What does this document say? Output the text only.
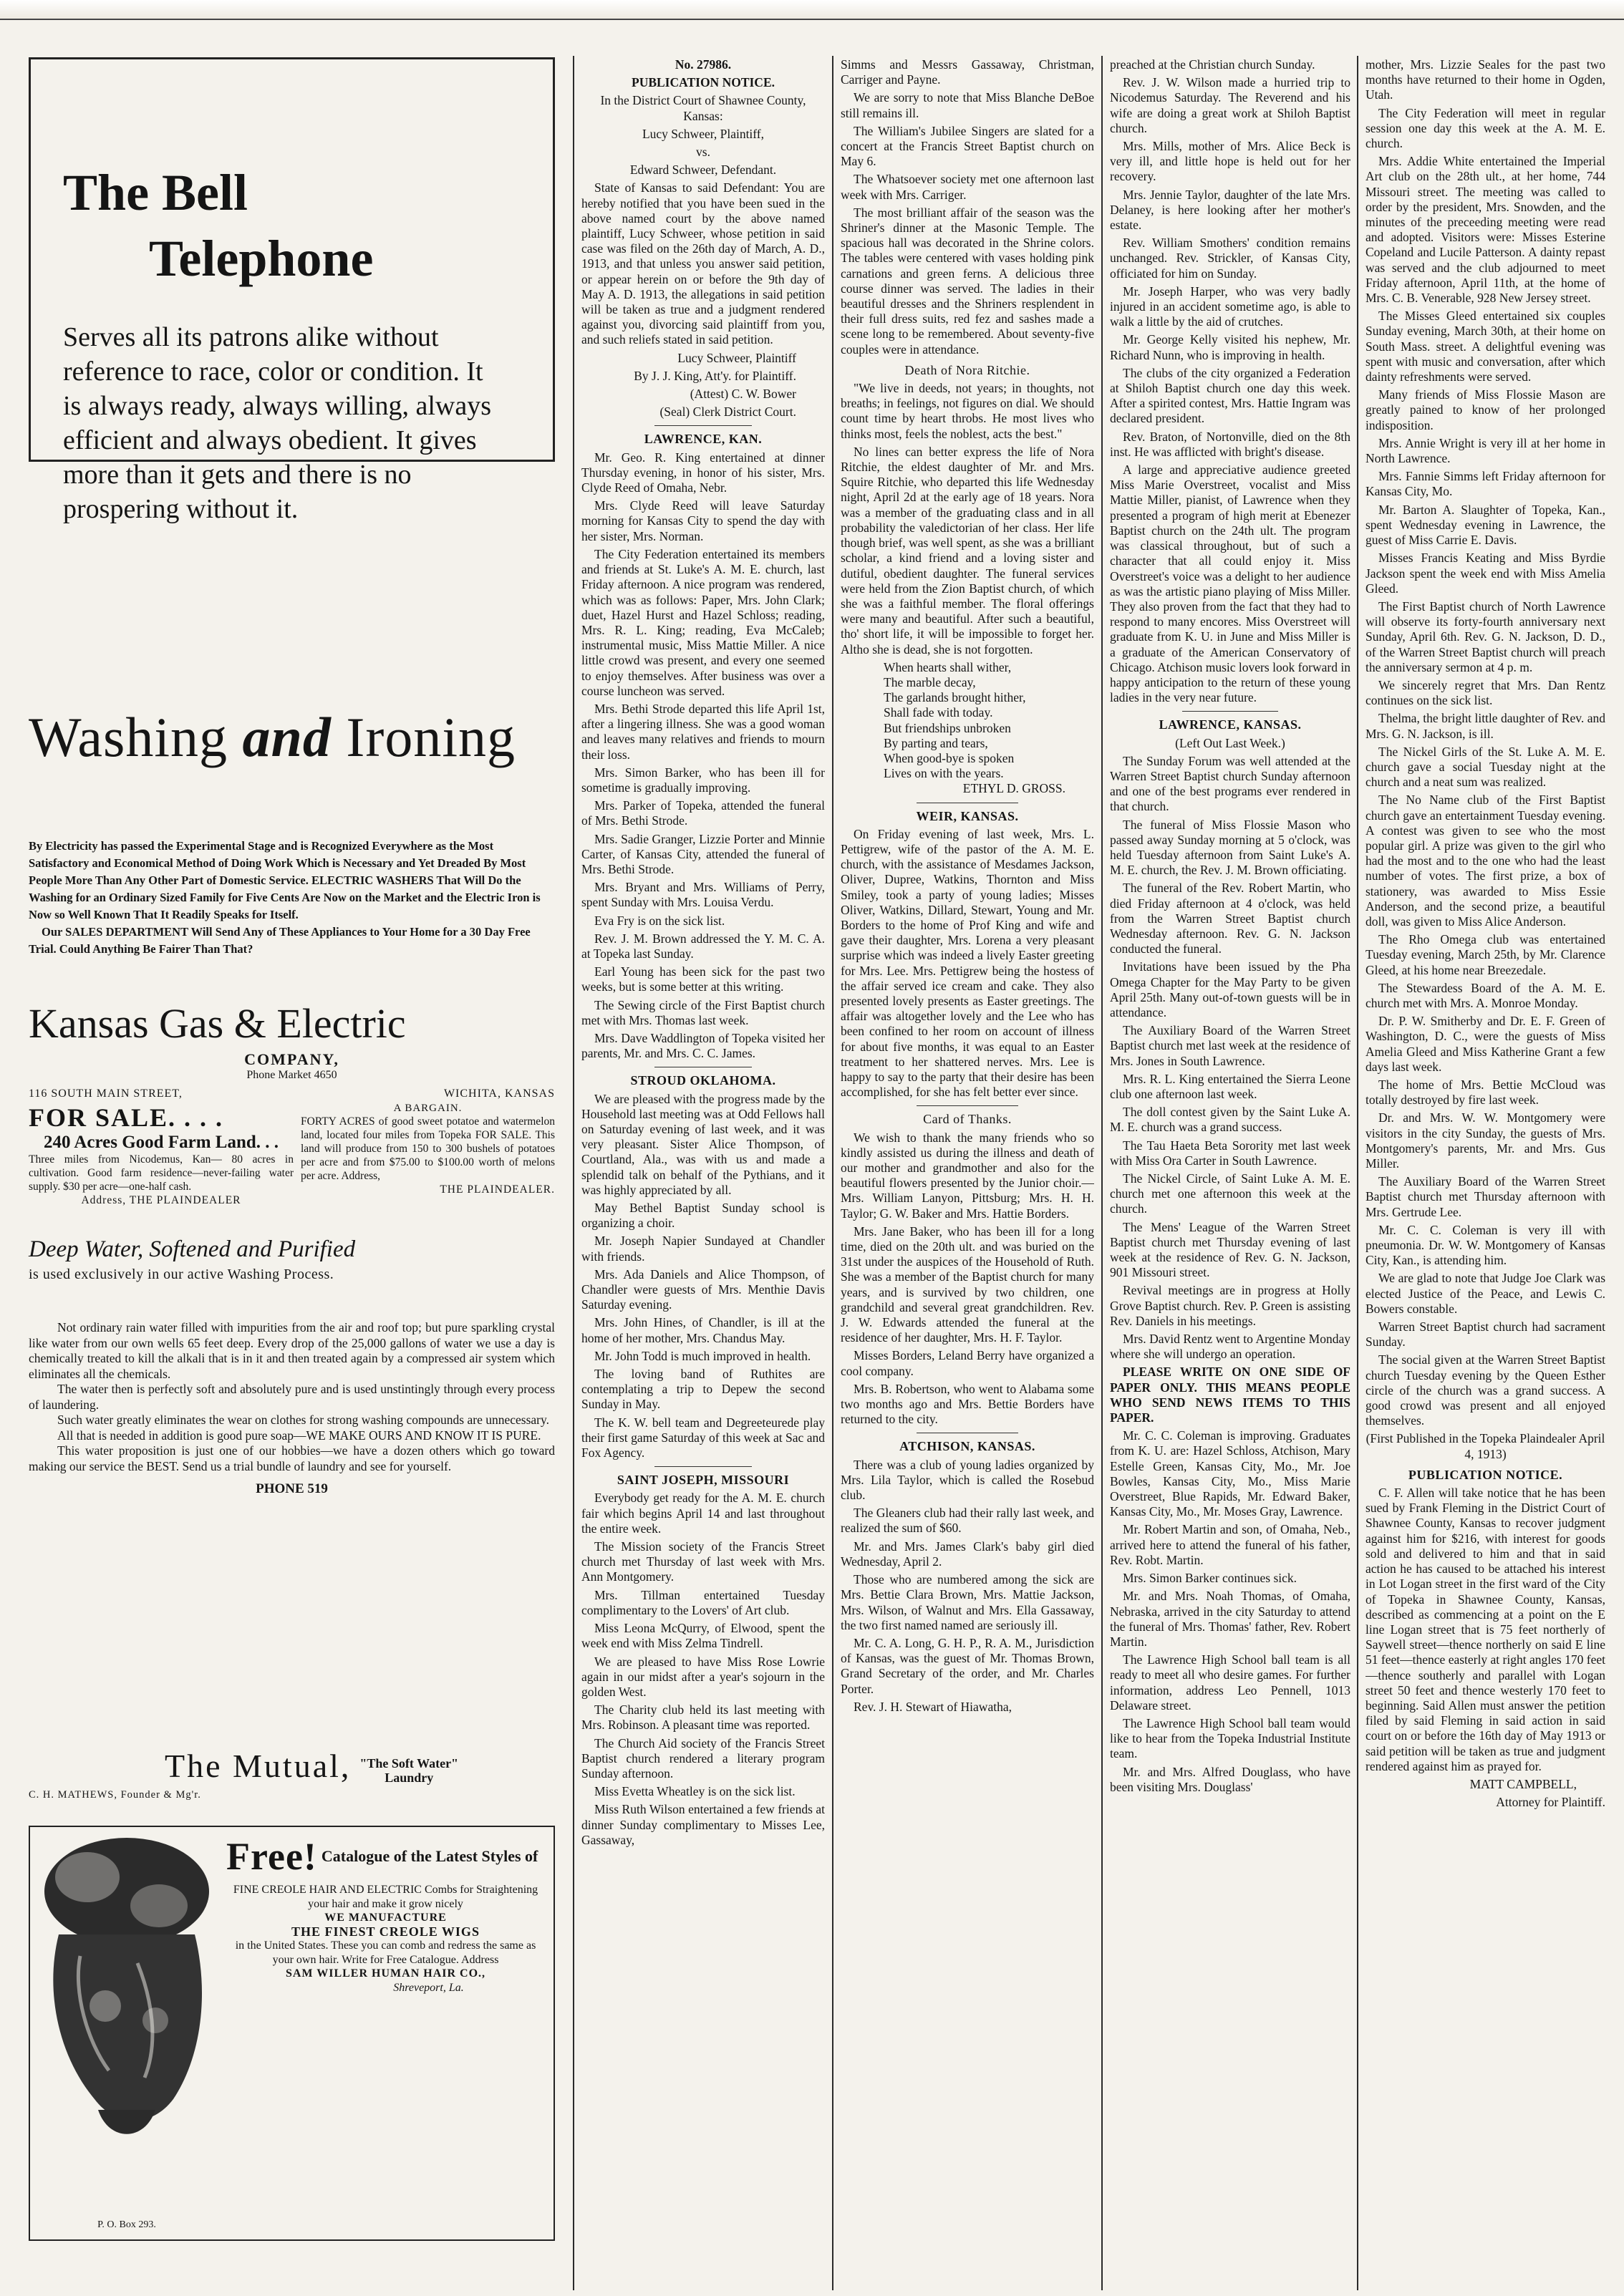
The Bell
Telephone
Serves all its patrons alike without reference to race, color or condition. It is always ready, always willing, always efficient and always obedient. It gives more than it gets and there is no prospering without it.
Washing and Ironing
By Electricity has passed the Experimental Stage and is Recognized Everywhere as the Most Satisfactory and Economical Method of Doing Work Which is Necessary and Yet Dreaded By Most People More Than Any Other Part of Domestic Service. ELECTRIC WASHERS That Will Do the Washing for an Ordinary Sized Family for Five Cents Are Now on the Market and the Electric Iron is Now so Well Known That It Readily Speaks for Itself.
Our SALES DEPARTMENT Will Send Any of These Appliances to Your Home for a 30 Day Free Trial. Could Anything Be Fairer Than That?
Kansas Gas & Electric
COMPANY,
Phone Market 4650
116 SOUTH MAIN STREET,	WICHITA, KANSAS
FOR SALE. . . .
240 Acres Good Farm Land. . .
Three miles from Nicodemus, Kan— 80 acres in cultivation. Good farm residence—never-failing water supply. $30 per acre—one-half cash.
Address, THE PLAINDEALER
A BARGAIN.
FORTY ACRES of good sweet potatoe and watermelon land, located four miles from Topeka FOR SALE. This land will produce from 150 to 300 bushels of potatoes per acre and from $75.00 to $100.00 worth of melons per acre. Address,
THE PLAINDEALER.
Deep Water, Softened and Purified
is used exclusively in our active Washing Process.

Not ordinary rain water filled with impurities from the air and roof top; but pure sparkling crystal like water from our own wells 65 feet deep. Every drop of the 25,000 gallons of water we use a day is chemically treated to kill the alkali that is in it and then treated again by a compressed air system which eliminates all the chemicals.

The water then is perfectly soft and absolutely pure and is used unstintingly through every process of laundering.

Such water greatly eliminates the wear on clothes for strong washing compounds are unnecessary.

All that is needed in addition is good pure soap—WE MAKE OURS AND KNOW IT IS PURE.

This water proposition is just one of our hobbies—we have a dozen others which go toward making our service the BEST. Send us a trial bundle of laundry and see for yourself.

PHONE 519
The Mutual, "The Soft Water"
Laundry
C. H. MATHEWS, Founder & Mg'r.
P. O. Box 293.
Free! Catalogue of the Latest Styles of
FINE CREOLE HAIR AND ELECTRIC Combs for Straightening your hair and make it grow nicely
WE MANUFACTURE
THE FINEST CREOLE WIGS
in the United States. These you can comb and redress the same as your own hair. Write for Free Catalogue. Address
SAM WILLER HUMAN HAIR CO.,
Shreveport, La.

No. 27986.

PUBLICATION NOTICE.

In the District Court of Shawnee County, Kansas:

Lucy Schweer, Plaintiff,

vs.

Edward Schweer, Defendant.

State of Kansas to said Defendant: You are hereby notified that you have been sued in the above named court by the above named plaintiff, Lucy Schweer, whose petition in said case was filed on the 26th day of March, A. D., 1913, and that unless you answer said petition, or appear herein on or before the 9th day of May A. D. 1913, the allegations in said petition will be taken as true and a judgment rendered against you, divorcing said plaintiff from you, and such reliefs stated in said petition.

Lucy Schweer, Plaintiff

By J. J. King, Att'y. for Plaintiff.

(Attest) C. W. Bower

(Seal) Clerk District Court.

LAWRENCE, KAN.

Mr. Geo. R. King entertained at dinner Thursday evening, in honor of his sister, Mrs. Clyde Reed of Omaha, Nebr.

Mrs. Clyde Reed will leave Saturday morning for Kansas City to spend the day with her sister, Mrs. Norman.

The City Federation entertained its members and friends at St. Luke's A. M. E. church, last Friday afternoon. A nice program was rendered, which was as follows: Paper, Mrs. John Clark; duet, Hazel Hurst and Hazel Schloss; reading, Mrs. R. L. King; reading, Eva McCaleb; instrumental music, Miss Mattie Miller. A nice little crowd was present, and every one seemed to enjoy themselves. After business was over a course luncheon was served.

Mrs. Bethi Strode departed this life April 1st, after a lingering illness. She was a good woman and leaves many relatives and friends to mourn their loss.

Mrs. Simon Barker, who has been ill for sometime is gradually improving.

Mrs. Parker of Topeka, attended the funeral of Mrs. Bethi Strode.

Mrs. Sadie Granger, Lizzie Porter and Minnie Carter, of Kansas City, attended the funeral of Mrs. Bethi Strode.

Mrs. Bryant and Mrs. Williams of Perry, spent Sunday with Mrs. Louisa Verdu.

Eva Fry is on the sick list.

Rev. J. M. Brown addressed the Y. M. C. A. at Topeka last Sunday.

Earl Young has been sick for the past two weeks, but is some better at this writing.

The Sewing circle of the First Baptist church met with Mrs. Thomas last week.

Mrs. Dave Waddlington of Topeka visited her parents, Mr. and Mrs. C. C. James.

STROUD OKLAHOMA.

We are pleased with the progress made by the Household last meeting was at Odd Fellows hall on Saturday evening of last week, and it was very pleasant. Sister Alice Thompson, of Courtland, Ala., was with us and made a splendid talk on behalf of the Pythians, and it was highly appreciated by all.

May Bethel Baptist Sunday school is organizing a choir.

Mr. Joseph Napier Sundayed at Chandler with friends.

Mrs. Ada Daniels and Alice Thompson, of Chandler were guests of Mrs. Menthie Davis Saturday evening.

Mrs. John Hines, of Chandler, is ill at the home of her mother, Mrs. Chandus May.

Mr. John Todd is much improved in health.

The loving band of Ruthites are contemplating a trip to Depew the second Sunday in May.

The K. W. bell team and Degreeteurede play their first game Saturday of this week at Sac and Fox Agency.

SAINT JOSEPH, MISSOURI

Everybody get ready for the A. M. E. church fair which begins April 14 and last throughout the entire week.

The Mission society of the Francis Street church met Thursday of last week with Mrs. Ann Montgomery.

Mrs. Tillman entertained Tuesday complimentary to the Lovers' of Art club.

Miss Leona McQurry, of Elwood, spent the week end with Miss Zelma Tindrell.

We are pleased to have Miss Rose Lowrie again in our midst after a year's sojourn in the golden West.

The Charity club held its last meeting with Mrs. Robinson. A pleasant time was reported.

The Church Aid society of the Francis Street Baptist church rendered a literary program Sunday afternoon.

Miss Evetta Wheatley is on the sick list.

Miss Ruth Wilson entertained a few friends at dinner Sunday complimentary to Misses Lee, Gassaway,

Simms and Messrs Gassaway, Christman, Carriger and Payne.

We are sorry to note that Miss Blanche DeBoe still remains ill.

The William's Jubilee Singers are slated for a concert at the Francis Street Baptist church on May 6.

The Whatsoever society met one afternoon last week with Mrs. Carriger.

The most brilliant affair of the season was the Shriner's dinner at the Masonic Temple. The spacious hall was decorated in the Shrine colors. The tables were centered with vases holding pink carnations and green ferns. A delicious three course dinner was served. The ladies in their beautiful dresses and the Shriners resplendent in their full dress suits, red fez and sashes made a scene long to be remembered. About seventy-five couples were in attendance.

Death of Nora Ritchie.

"We live in deeds, not years; in thoughts, not breaths; in feelings, not figures on dial. We should count time by heart throbs. He most lives who thinks most, feels the noblest, acts the best."

No lines can better express the life of Nora Ritchie, the eldest daughter of Mr. and Mrs. Squire Ritchie, who departed this life Wednesday night, April 2d at the early age of 18 years. Nora was a member of the graduating class and in all probability the valedictorian of her class. Her life though brief, was well spent, as she was a brilliant scholar, a kind friend and a loving sister and dutiful, obedient daughter. The funeral services were held from the Zion Baptist church, of which she was a faithful member. The floral offerings were many and beautiful. After such a beautiful, tho' short life, it will be impossible to forget her. Altho she is dead, she is not forgotten.

When hearts shall wither,

The marble decay,

The garlands brought hither,

Shall fade with today.

But friendships unbroken

By parting and tears,

When good-bye is spoken

Lives on with the years.

ETHYL D. GROSS.

WEIR, KANSAS.

On Friday evening of last week, Mrs. L. Pettigrew, wife of the pastor of the A. M. E. church, with the assistance of Mesdames Jackson, Oliver, Dupree, Watkins, Thornton and Miss Smiley, took a party of young ladies; Misses Oliver, Watkins, Dillard, Stewart, Young and Mr. Borders to the home of Prof King and wife and gave their daughter, Mrs. Lorena a very pleasant surprise which was indeed a lively Easter greeting for Mrs. Lee. Mrs. Pettigrew being the hostess of the affair served ice cream and cake. They also presented lovely presents as Easter greetings. The affair was altogether lovely and the Lee who has been confined to her room on account of illness for about five months, it was equal to an Easter treatment to her shattered nerves. Mrs. Lee is happy to say to the party that their desire has been accomplished, for she has felt better ever since.

Card of Thanks.

We wish to thank the many friends who so kindly assisted us during the illness and death of our mother and grandmother and also for the beautiful flowers presented by the Junior choir.—Mrs. William Lanyon, Pittsburg; Mrs. H. H. Taylor; G. W. Baker and Mrs. Hattie Borders.

Mrs. Jane Baker, who has been ill for a long time, died on the 20th ult. and was buried on the 31st under the auspices of the Household of Ruth. She was a member of the Baptist church for many years, and is survived by two children, one grandchild and several great grandchildren. Rev. J. W. Edwards attended the funeral at the residence of her daughter, Mrs. H. F. Taylor.

Misses Borders, Leland Berry have organized a cool company.

Mrs. B. Robertson, who went to Alabama some two months ago and Mrs. Bettie Borders have returned to the city.

ATCHISON, KANSAS.

There was a club of young ladies organized by Mrs. Lila Taylor, which is called the Rosebud club.

The Gleaners club had their rally last week, and realized the sum of $60.

Mr. and Mrs. James Clark's baby girl died Wednesday, April 2.

Those who are numbered among the sick are Mrs. Bettie Clara Brown, Mrs. Mattie Jackson, Mrs. Wilson, of Walnut and Mrs. Ella Gassaway, the two first named named are seriously ill.

Mr. C. A. Long, G. H. P., R. A. M., Jurisdiction of Kansas, was the guest of Mr. Thomas Brown, Grand Secretary of the order, and Mr. Charles Porter.

Rev. J. H. Stewart of Hiawatha,

preached at the Christian church Sunday.

Rev. J. W. Wilson made a hurried trip to Nicodemus Saturday. The Reverend and his wife are doing a great work at Shiloh Baptist church.

Mrs. Mills, mother of Mrs. Alice Beck is very ill, and little hope is held out for her recovery.

Mrs. Jennie Taylor, daughter of the late Mrs. Delaney, is here looking after her mother's estate.

Rev. William Smothers' condition remains unchanged. Rev. Strickler, of Kansas City, officiated for him on Sunday.

Mr. Joseph Harper, who was very badly injured in an accident sometime ago, is able to walk a little by the aid of crutches.

Mr. George Kelly visited his nephew, Mr. Richard Nunn, who is improving in health.

The clubs of the city organized a Federation at Shiloh Baptist church one day this week. After a spirited contest, Mrs. Hattie Ingram was declared president.

Rev. Braton, of Nortonville, died on the 8th inst. He was afflicted with bright's disease.

A large and appreciative audience greeted Miss Marie Overstreet, vocalist and Miss Mattie Miller, pianist, of Lawrence when they presented a program of high merit at Ebenezer Baptist church on the 24th ult. The program was classical throughout, but of such a character that all could enjoy it. Miss Overstreet's voice was a delight to her audience as was the artistic piano playing of Miss Miller. They also proven from the fact that they had to respond to many encores. Miss Overstreet will graduate from K. U. in June and Miss Miller is a graduate of the American Conservatory of Chicago. Atchison music lovers look forward in happy anticipation to the return of these young ladies in the very near future.

LAWRENCE, KANSAS.

(Left Out Last Week.)

The Sunday Forum was well attended at the Warren Street Baptist church Sunday afternoon and one of the best programs ever rendered in that church.

The funeral of Miss Flossie Mason who passed away Sunday morning at 5 o'clock, was held Tuesday afternoon from Saint Luke's A. M. E. church, the Rev. J. M. Brown officiating.

The funeral of the Rev. Robert Martin, who died Friday afternoon at 4 o'clock, was held from the Warren Street Baptist church Wednesday afternoon. Rev. G. N. Jackson conducted the funeral.

Invitations have been issued by the Pha Omega Chapter for the May Party to be given April 25th. Many out-of-town guests will be in attendance.

The Auxiliary Board of the Warren Street Baptist church met last week at the residence of Mrs. Jones in South Lawrence.

Mrs. R. L. King entertained the Sierra Leone club one afternoon last week.

The doll contest given by the Saint Luke A. M. E. church was a grand success.

The Tau Haeta Beta Sorority met last week with Miss Ora Carter in South Lawrence.

The Nickel Circle, of Saint Luke A. M. E. church met one afternoon this week at the church.

The Mens' League of the Warren Street Baptist church met Thursday evening of last week at the residence of Rev. G. N. Jackson, 901 Missouri street.

Revival meetings are in progress at Holly Grove Baptist church. Rev. P. Green is assisting Rev. Daniels in his meetings.

Mrs. David Rentz went to Argentine Monday where she will undergo an operation.

PLEASE WRITE ON ONE SIDE OF PAPER ONLY. THIS MEANS PEOPLE WHO SEND NEWS ITEMS TO THIS PAPER.

Mr. C. C. Coleman is improving. Graduates from K. U. are: Hazel Schloss, Atchison, Mary Estelle Green, Kansas City, Mo., Mr. Joe Bowles, Kansas City, Mo., Miss Marie Overstreet, Blue Rapids, Mr. Edward Baker, Kansas City, Mo., Mr. Moses Gray, Lawrence.

Mr. Robert Martin and son, of Omaha, Neb., arrived here to attend the funeral of his father, Rev. Robt. Martin.

Mrs. Simon Barker continues sick.

Mr. and Mrs. Noah Thomas, of Omaha, Nebraska, arrived in the city Saturday to attend the funeral of Mrs. Thomas' father, Rev. Robert Martin.

The Lawrence High School ball team is all ready to meet all who desire games. For further information, address Leo Pennell, 1013 Delaware street.

The Lawrence High School ball team would like to hear from the Topeka Industrial Institute team.

Mr. and Mrs. Alfred Douglass, who have been visiting Mrs. Douglass'

mother, Mrs. Lizzie Seales for the past two months have returned to their home in Ogden, Utah.

The City Federation will meet in regular session one day this week at the A. M. E. church.

Mrs. Addie White entertained the Imperial Art club on the 28th ult., at her home, 744 Missouri street. The meeting was called to order by the president, Mrs. Snowden, and the minutes of the preceeding meeting were read and adopted. Visitors were: Misses Esterine Copeland and Lucile Patterson. A dainty repast was served and the club adjourned to meet Friday afternoon, April 11th, at the home of Mrs. C. B. Venerable, 928 New Jersey street.

The Misses Gleed entertained six couples Sunday evening, March 30th, at their home on South Mass. street. A delightful evening was spent with music and conversation, after which dainty refreshments were served.

Many friends of Miss Flossie Mason are greatly pained to know of her prolonged indisposition.

Mrs. Annie Wright is very ill at her home in North Lawrence.

Mrs. Fannie Simms left Friday afternoon for Kansas City, Mo.

Mr. Barton A. Slaughter of Topeka, Kan., spent Wednesday evening in Lawrence, the guest of Miss Carrie E. Davis.

Misses Francis Keating and Miss Byrdie Jackson spent the week end with Miss Amelia Gleed.

The First Baptist church of North Lawrence will observe its forty-fourth anniversary next Sunday, April 6th. Rev. G. N. Jackson, D. D., of the Warren Street Baptist church will preach the anniversary sermon at 4 p. m.

We sincerely regret that Mrs. Dan Rentz continues on the sick list.

Thelma, the bright little daughter of Rev. and Mrs. G. N. Jackson, is ill.

The Nickel Girls of the St. Luke A. M. E. church gave a social Tuesday night at the church and a neat sum was realized.

The No Name club of the First Baptist church gave an entertainment Tuesday evening. A contest was given to see who the most popular girl. A prize was given to the girl who had the most and to the one who had the least number of votes. The first prize, a box of stationery, was awarded to Miss Essie Anderson, and the second prize, a beautiful doll, was given to Miss Alice Anderson.

The Rho Omega club was entertained Tuesday evening, March 25th, by Mr. Clarence Gleed, at his home near Breezedale.

The Stewardess Board of the A. M. E. church met with Mrs. A. Monroe Monday.

Dr. P. W. Smitherby and Dr. E. F. Green of Washington, D. C., were the guests of Miss Amelia Gleed and Miss Katherine Grant a few days last week.

The home of Mrs. Bettie McCloud was totally destroyed by fire last week.

Dr. and Mrs. W. W. Montgomery were visitors in the city Sunday, the guests of Mrs. Montgomery's parents, Mr. and Mrs. Gus Miller.

The Auxiliary Board of the Warren Street Baptist church met Thursday afternoon with Mrs. Gertrude Lee.

Mr. C. C. Coleman is very ill with pneumonia. Dr. W. W. Montgomery of Kansas City, Kan., is attending him.

We are glad to note that Judge Joe Clark was elected Justice of the Peace, and Lewis C. Bowers constable.

Warren Street Baptist church had sacrament Sunday.

The social given at the Warren Street Baptist church Tuesday evening by the Queen Esther circle of the church was a grand success. A good crowd was present and all enjoyed themselves.

(First Published in the Topeka Plaindealer April 4, 1913)

PUBLICATION NOTICE.

C. F. Allen will take notice that he has been sued by Frank Fleming in the District Court of Shawnee County, Kansas to recover judgment against him for $216, with interest for goods sold and delivered to him and that in said action he has caused to be attached his interest in Lot Logan street in the first ward of the City of Topeka in Shawnee County, Kansas, described as commencing at a point on the E line Logan street that is 75 feet northerly of Saywell street—thence northerly on said E line 51 feet—thence easterly at right angles 170 feet—thence southerly and parallel with Logan street 50 feet and thence westerly 170 feet to beginning. Said Allen must answer the petition filed by said Fleming in said action in said court on or before the 16th day of May 1913 or said petition will be taken as true and judgment rendered against him as prayed for.

MATT CAMPBELL,

Attorney for Plaintiff.
